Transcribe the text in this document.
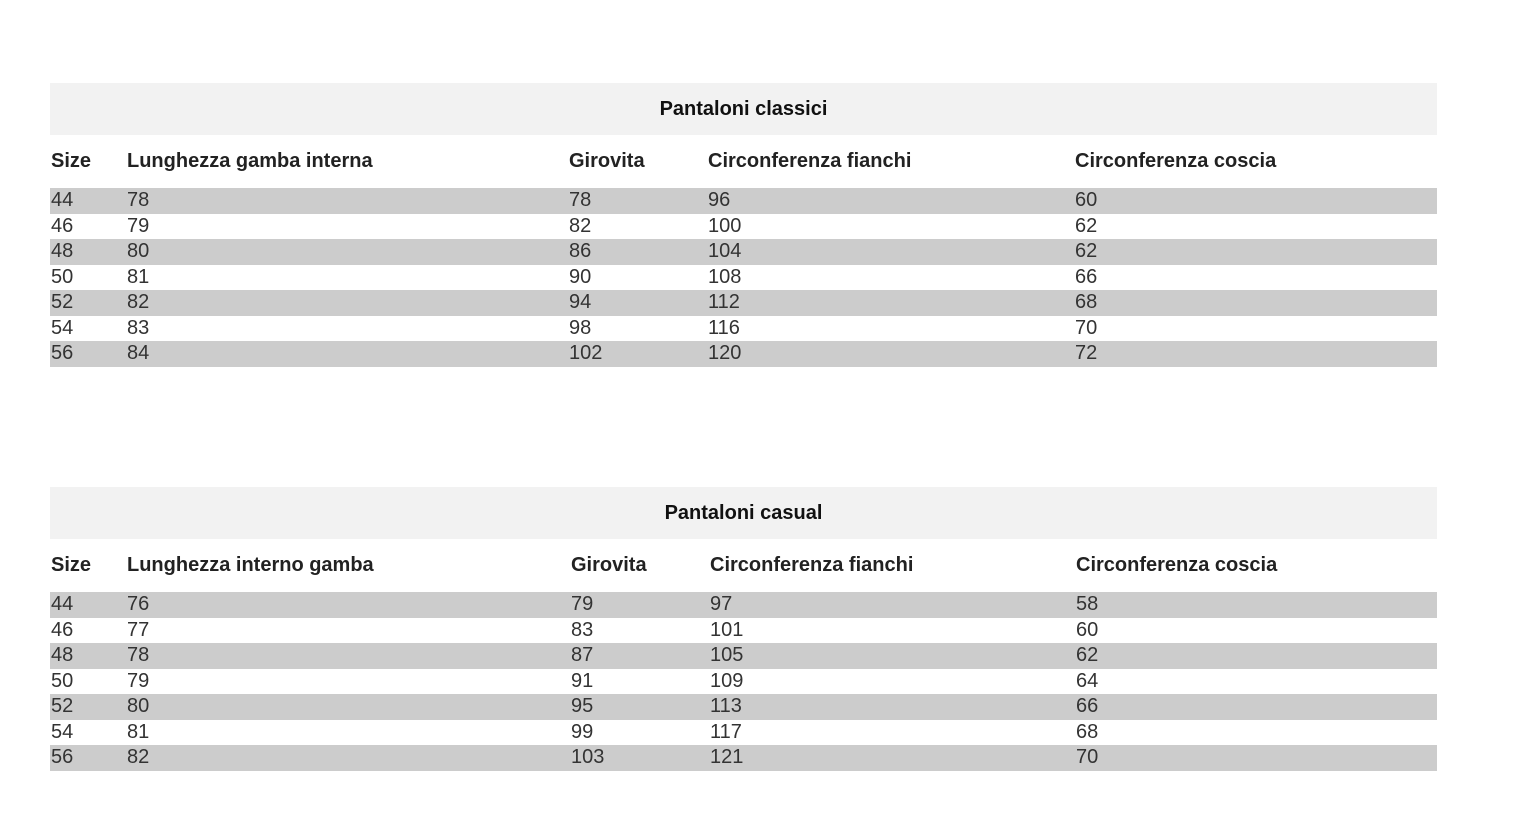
Pantaloni classici
Size	Lunghezza gamba interna	Girovita	Circonferenza fianchi	Circonferenza coscia
44	78	78	96	60
46	79	82	100	62
48	80	86	104	62
50	81	90	108	66
52	82	94	112	68
54	83	98	116	70
56	84	102	120	72
Pantaloni casual
Size	Lunghezza interno gamba	Girovita	Circonferenza fianchi	Circonferenza coscia
44	76	79	97	58
46	77	83	101	60
48	78	87	105	62
50	79	91	109	64
52	80	95	113	66
54	81	99	117	68
56	82	103	121	70
